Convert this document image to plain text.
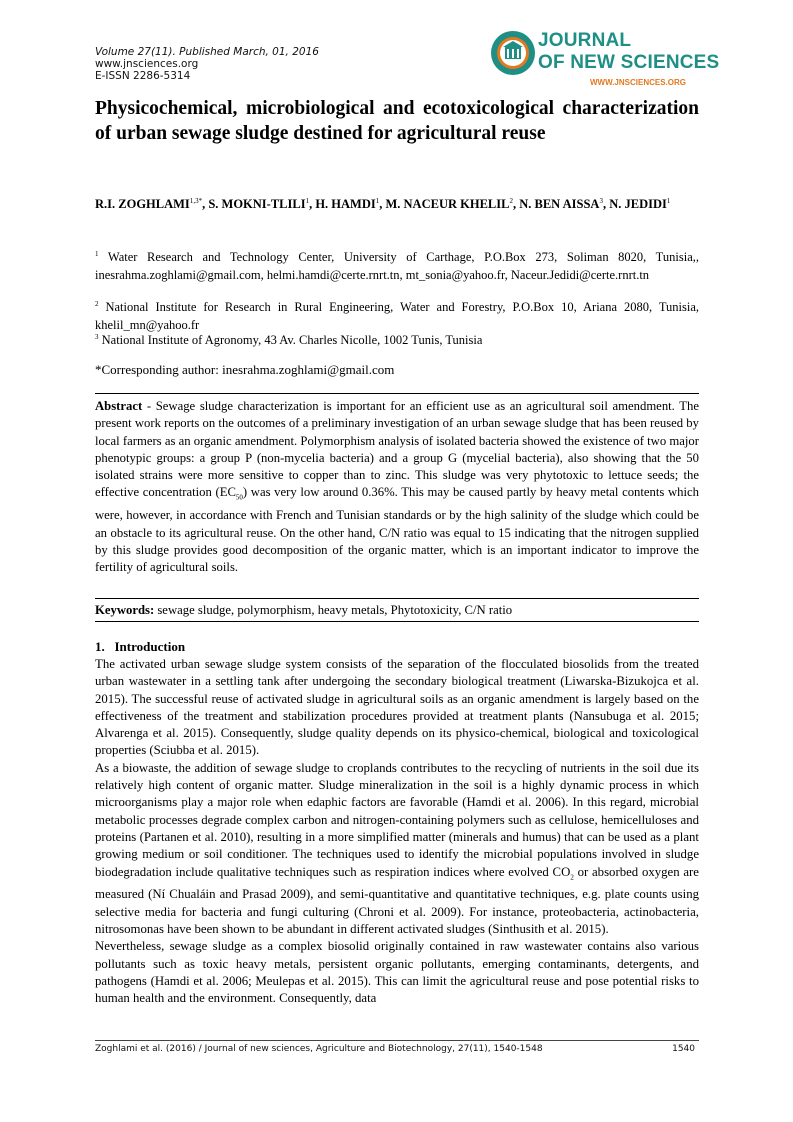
Volume 27(11). Published March, 01, 2016
www.jnsciences.org
E-ISSN 2286-5314
JOURNAL
OF NEW SCIENCES
WWW.JNSCIENCES.ORG
Physicochemical, microbiological and ecotoxicological characterization of urban sewage sludge destined for agricultural reuse
R.I. $ZOGHLAMI^{1,3*}$, S. MOKNI-TLILI$^1$, H. HAMDI$^1$, M. NACEUR KHELIL$^2$, N. BEN AISSA$^3$, N. JEDIDI$^1$
$^1$ Water Research and Technology Center, University of Carthage, P.O.Box 273, Soliman 8020, Tunisia,, inesrahma.zoghlami@gmail.com, helmi.hamdi@certe.rnrt.tn, mt_sonia@yahoo.fr, Naceur.Jedidi@certe.rnrt.tn
$^2$ National Institute for Research in Rural Engineering, Water and Forestry, P.O.Box 10, Ariana 2080, Tunisia, khelil_mn@yahoo.fr
$^3$ National Institute of Agronomy, 43 Av. Charles Nicolle, 1002 Tunis, Tunisia
*Corresponding author: inesrahma.zoghlami@gmail.com
Abstract - Sewage sludge characterization is important for an efficient use as an agricultural soil amendment. The present work reports on the outcomes of a preliminary investigation of an urban sewage sludge that has been reused by local farmers as an organic amendment. Polymorphism analysis of isolated bacteria showed the existence of two major phenotypic groups: a group P (non-mycelia bacteria) and a group G (mycelial bacteria), also showing that the 50 isolated strains were more sensitive to copper than to zinc. This sludge was very phytotoxic to lettuce seeds; the effective concentration $(EC_{50})$ was very low around 0.36%. This may be caused partly by heavy metal contents which were, however, in accordance with French and Tunisian standards or by the high salinity of the sludge which could be an obstacle to its agricultural reuse. On the other hand, C/N ratio was equal to 15 indicating that the nitrogen supplied by this sludge provides good decomposition of the organic matter, which is an important indicator to improve the fertility of agricultural soils.
Keywords: sewage sludge, polymorphism, heavy metals, Phytotoxicity, C/N ratio
1. Introduction

The activated urban sewage sludge system consists of the separation of the flocculated biosolids from the treated urban wastewater in a settling tank after undergoing the secondary biological treatment (Liwarska-Bizukojca et al. 2015). The successful reuse of activated sludge in agricultural soils as an organic amendment is largely based on the effectiveness of the treatment and stabilization procedures provided at treatment plants (Nansubuga et al. 2015; Alvarenga et al. 2015). Consequently, sludge quality depends on its physico-chemical, biological and toxicological properties (Sciubba et al. 2015).

As a biowaste, the addition of sewage sludge to croplands contributes to the recycling of nutrients in the soil due its relatively high content of organic matter. Sludge mineralization in the soil is a highly dynamic process in which microorganisms play a major role when edaphic factors are favorable (Hamdi et al. 2006). In this regard, microbial metabolic processes degrade complex carbon and nitrogen-containing polymers such as cellulose, hemicelluloses and proteins (Partanen et al. 2010), resulting in a more simplified matter (minerals and humus) that can be used as a plant growing medium or soil conditioner. The techniques used to identify the microbial populations involved in sludge biodegradation include qualitative techniques such as respiration indices where evolved $CO_2$ or absorbed oxygen are measured (Ní Chualáin and Prasad 2009), and semi-quantitative and quantitative techniques, e.g. plate counts using selective media for bacteria and fungi culturing (Chroni et al. 2009). For instance, proteobacteria, actinobacteria, nitrosomonas have been shown to be abundant in different activated sludges (Sinthusith et al. 2015).

Nevertheless, sewage sludge as a complex biosolid originally contained in raw wastewater contains also various pollutants such as toxic heavy metals, persistent organic pollutants, emerging contaminants, detergents, and pathogens (Hamdi et al. 2006; Meulepas et al. 2015). This can limit the agricultural reuse and pose potential risks to human health and the environment. Consequently, data

Zoghlami et al. (2016) / Journal of new sciences, Agriculture and Biotechnology, 27(11), 1540-1548	1540
